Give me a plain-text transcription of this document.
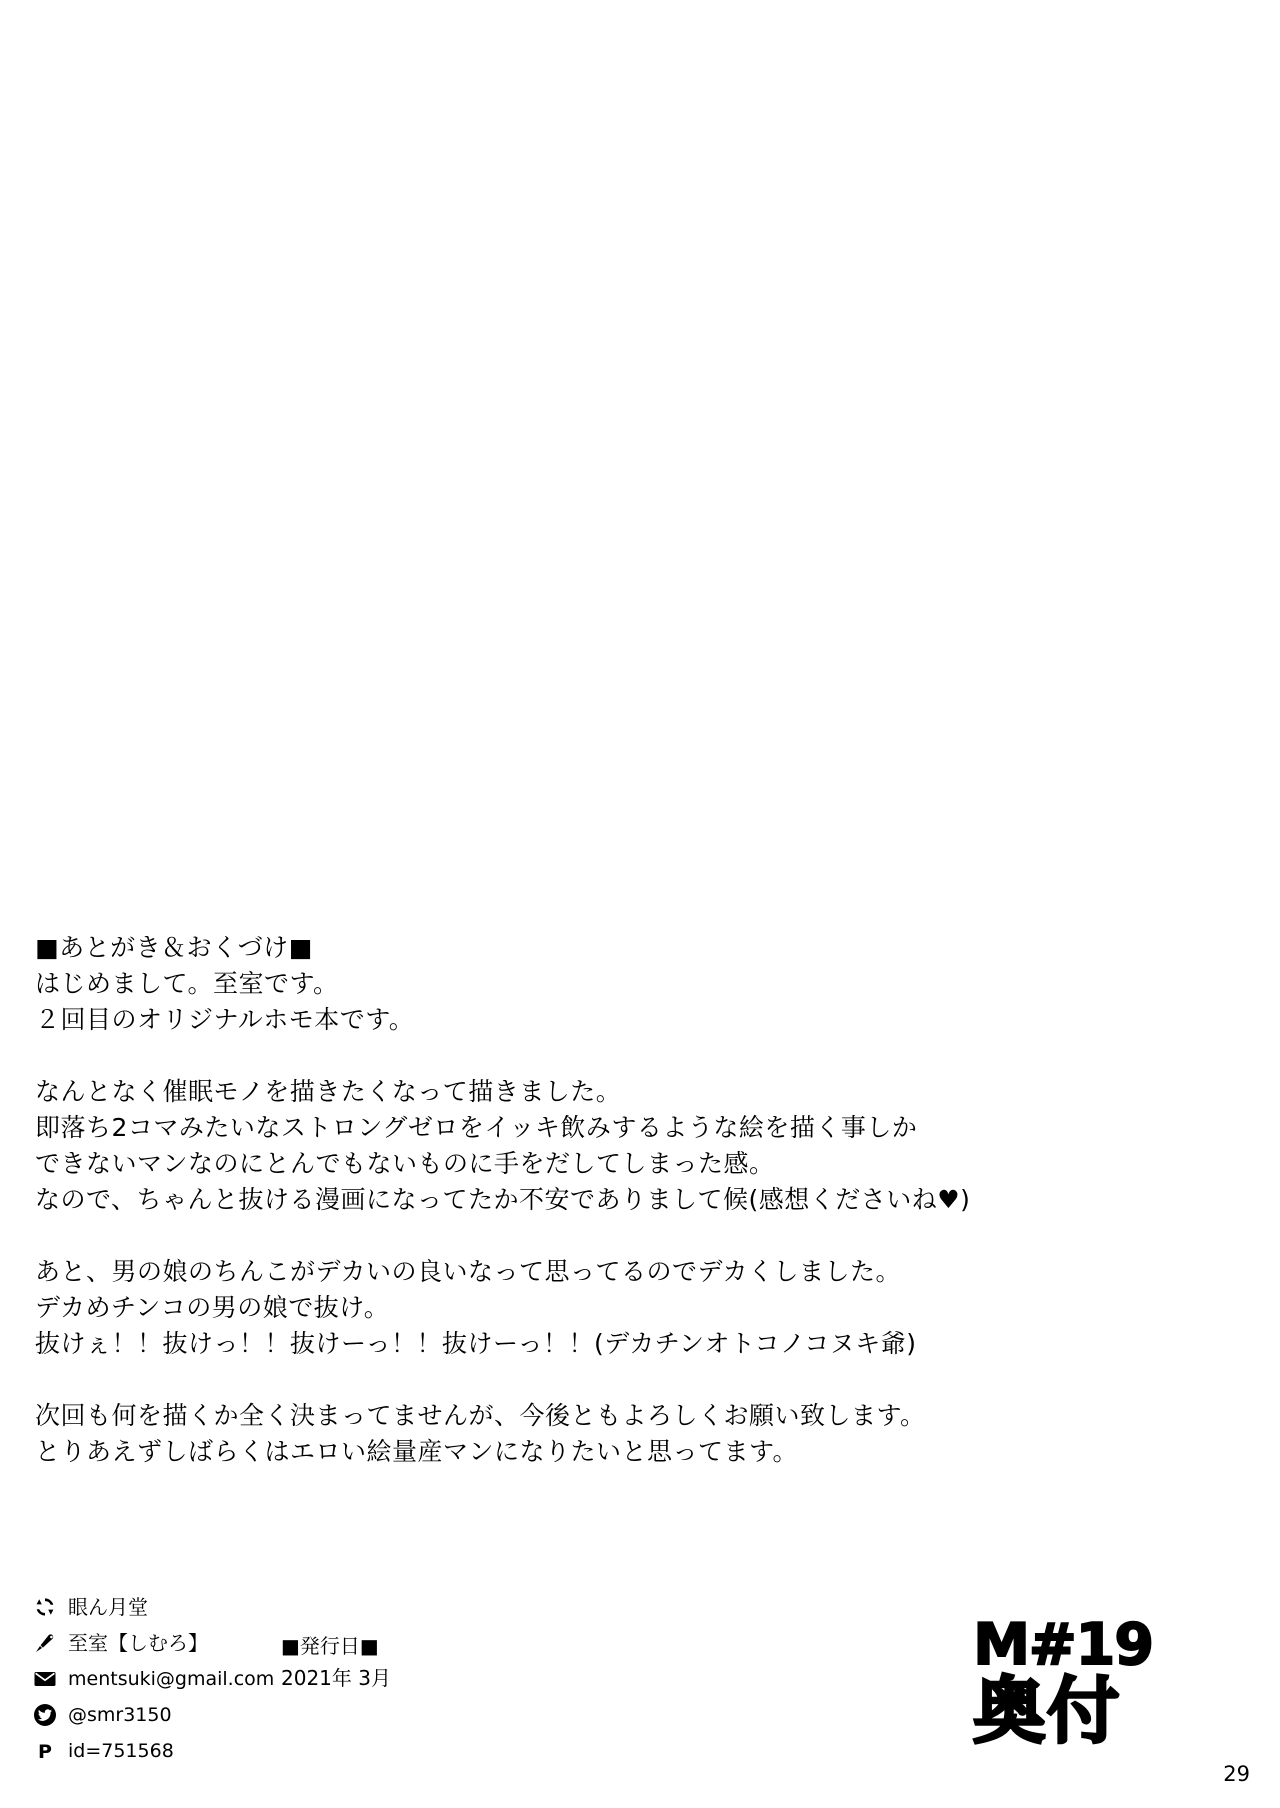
■あとがき＆おくづけ■
はじめまして。至室です。
２回目のオリジナルホモ本です。
なんとなく催眠モノを描きたくなって描きました。
即落ち2コマみたいなストロングゼロをイッキ飲みするような絵を描く事しか
できないマンなのにとんでもないものに手をだしてしまった感。
なので、ちゃんと抜ける漫画になってたか不安でありまして候(感想くださいね♥)
あと、男の娘のちんこがデカいの良いなって思ってるのでデカくしました。
デカめチンコの男の娘で抜け。
抜けぇ！！抜けっ！！抜けーっ！！抜けーっ！！(デカチンオトコノコヌキ爺)
次回も何を描くか全く決まってませんが、今後ともよろしくお願い致します。
とりあえずしばらくはエロい絵量産マンになりたいと思ってます。
眼ん月堂
至室【しむろ】
mentsuki@gmail.com
@smr3150
P id=751568
■発行日■
2021年 3月	M#19
奥付
29
